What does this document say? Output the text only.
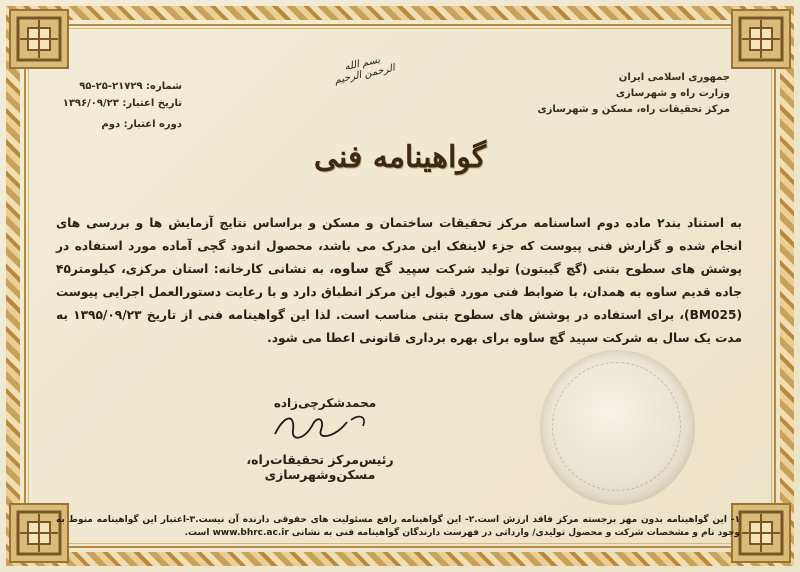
جمهوری اسلامی ایران
وزارت راه و شهرسازی
مرکز تحقیقات راه، مسکن و شهرسازی
شماره: ۲۱۷۲۹-۲۵-۹۵
تاریخ اعتبار: ۱۳۹۶/۰۹/۲۳
دوره اعتبار: دوم
بسم الله الرحمن الرحیم
گواهینامه فنی
به استناد بند۲ ماده دوم اساسنامه مرکز تحقیقات ساختمان و مسکن و براساس نتایج آزمایش ها و بررسی های انجام شده و گزارش فنی پیوست که جزء لاینفک این مدرک می باشد، محصول اندود گچی آماده مورد استفاده در پوشش های سطوح بتنی (گچ گیبتون) تولید شرکت سپید گچ ساوه، به نشانی کارخانه: استان مرکزی، کیلومتر۴۵ جاده قدیم ساوه به همدان، با ضوابط فنی مورد قبول این مرکز انطباق دارد و با رعایت دستورالعمل اجرایی پیوست (BM025)، برای استفاده در پوشش های سطوح بتنی مناسب است. لذا این گواهینامه فنی از تاریخ ۱۳۹۵/۰۹/۲۳ به مدت یک سال به شرکت سپید گچ ساوه برای بهره برداری قانونی اعطا می شود.
محمدشکرچی‌زاده
رئیس‌مرکز تحقیقات‌راه، مسکن‌وشهرسازی
۱- این گواهینامه بدون مهر برجسته مرکز فاقد ارزش است.۲- این گواهینامه رافع مسئولیت های حقوقی دارنده آن نیست.۳-اعتبار این گواهینامه منوط به وجود نام و مشخصات شرکت و محصول تولیدی/ وارداتی در فهرست دارندگان گواهینامه فنی به نشانی www.bhrc.ac.ir است.
